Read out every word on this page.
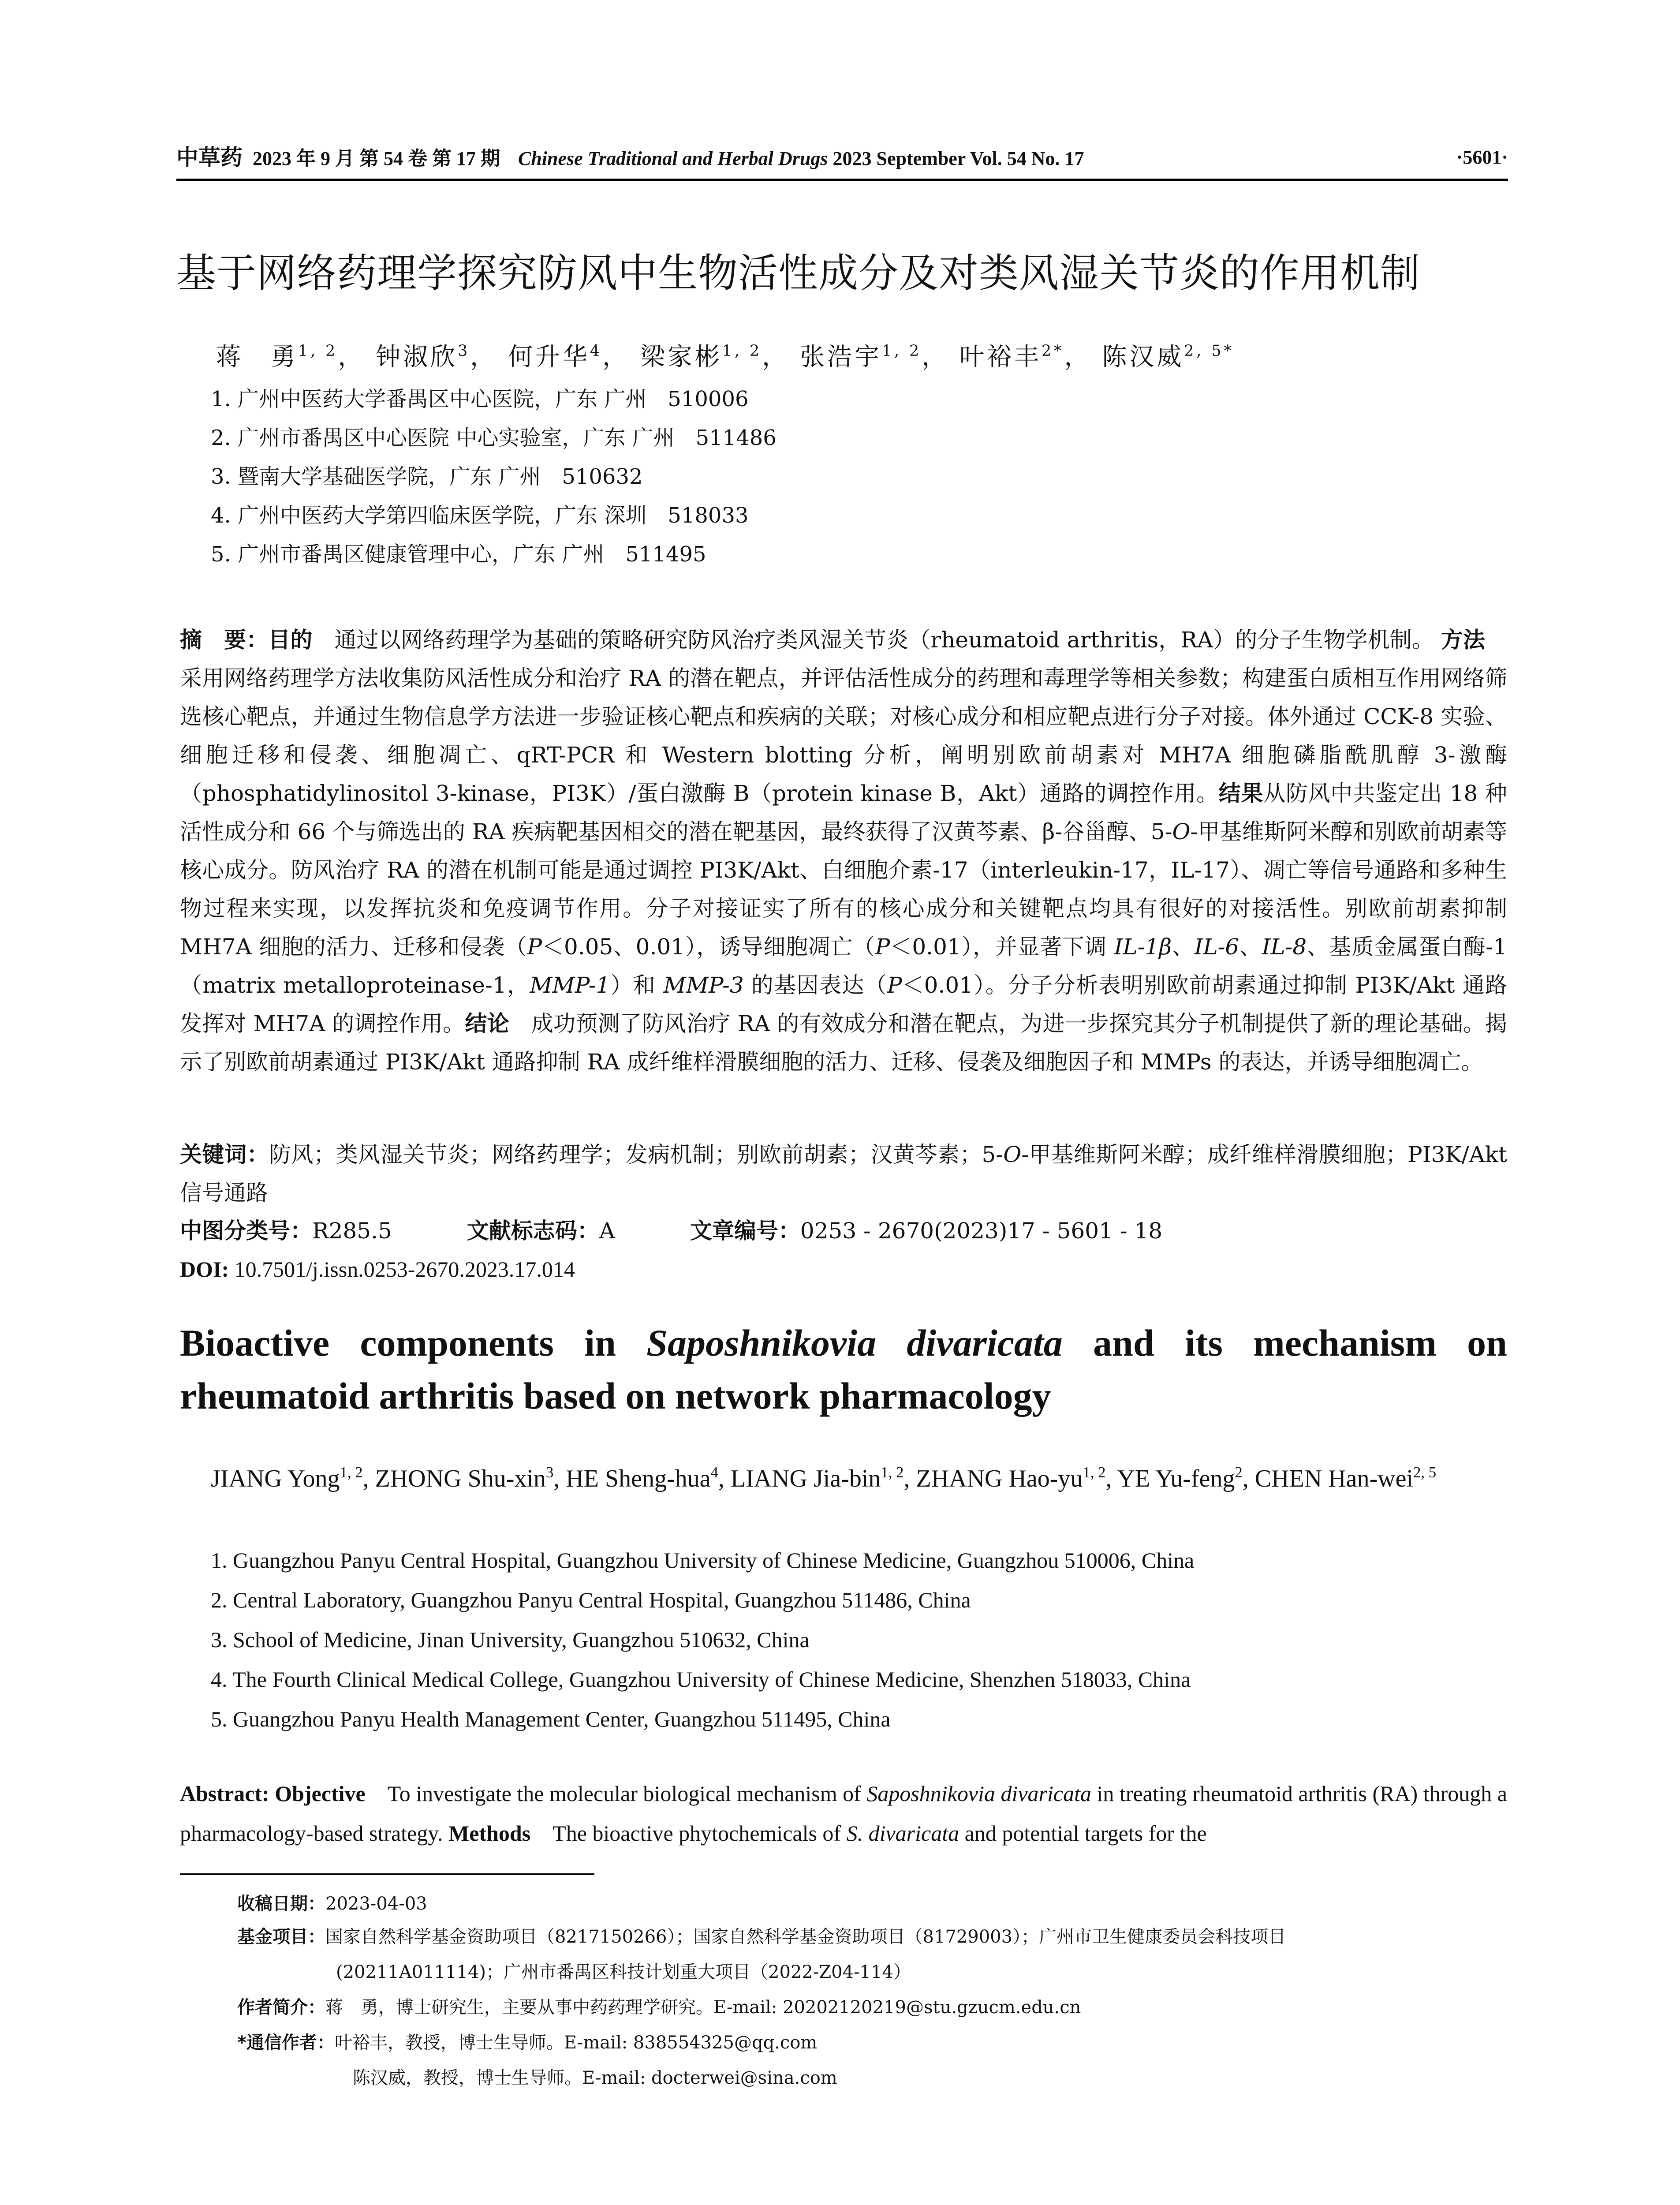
中草药 2023 年 9 月 第 54 卷 第 17 期 Chinese Traditional and Herbal Drugs 2023 September Vol. 54 No. 17	·5601·
基于网络药理学探究防风中生物活性成分及对类风湿关节炎的作用机制
蒋　勇$^{1, 2}$， 钟淑欣$^3$， 何升华$^4$， 梁家彬$^{1, 2}$， 张浩宇$^{1, 2}$， 叶裕丰$^{2*}$， 陈汉威$^{2, 5*}$
1. 广州中医药大学番禺区中心医院，广东 广州　510006
2. 广州市番禺区中心医院 中心实验室，广东 广州　511486
3. 暨南大学基础医学院，广东 广州　510632
4. 广州中医药大学第四临床医学院，广东 深圳　518033
5. 广州市番禺区健康管理中心，广东 广州　511495
摘　要：目的 通过以网络药理学为基础的策略研究防风治疗类风湿关节炎（rheumatoid arthritis，RA）的分子生物学机制。 方法采用网络药理学方法收集防风活性成分和治疗 RA 的潜在靶点，并评估活性成分的药理和毒理学等相关参数；构建蛋白质相互作用网络筛选核心靶点，并通过生物信息学方法进一步验证核心靶点和疾病的关联；对核心成分和相应靶点进行分子对接。体外通过 CCK-8 实验、细胞迁移和侵袭、细胞凋亡、qRT-PCR 和 Western blotting 分析，阐明别欧前胡素对 MH7A 细胞磷脂酰肌醇 3-激酶（phosphatidylinositol 3-kinase，PI3K）/蛋白激酶 B（protein kinase B，Akt）通路的调控作用。结果从防风中共鉴定出 18 种活性成分和 66 个与筛选出的 RA 疾病靶基因相交的潜在靶基因，最终获得了汉黄芩素、β-谷甾醇、5-O-甲基维斯阿米醇和别欧前胡素等核心成分。防风治疗 RA 的潜在机制可能是通过调控 PI3K/Akt、白细胞介素-17（interleukin-17，IL-17）、凋亡等信号通路和多种生物过程来实现，以发挥抗炎和免疫调节作用。分子对接证实了所有的核心成分和关键靶点均具有很好的对接活性。别欧前胡素抑制 MH7A 细胞的活力、迁移和侵袭（P＜0.05、0.01），诱导细胞凋亡（P＜0.01），并显著下调 IL-1β、IL-6、IL-8、基质金属蛋白酶-1（matrix metalloproteinase-1，MMP-1）和 MMP-3 的基因表达（P＜0.01）。分子分析表明别欧前胡素通过抑制 PI3K/Akt 通路发挥对 MH7A 的调控作用。结论 成功预测了防风治疗 RA 的有效成分和潜在靶点，为进一步探究其分子机制提供了新的理论基础。揭示了别欧前胡素通过 PI3K/Akt 通路抑制 RA 成纤维样滑膜细胞的活力、迁移、侵袭及细胞因子和 MMPs 的表达，并诱导细胞凋亡。
关键词：防风；类风湿关节炎；网络药理学；发病机制；别欧前胡素；汉黄芩素；5-O-甲基维斯阿米醇；成纤维样滑膜细胞；PI3K/Akt 信号通路
中图分类号：R285.5	文献标志码：A	文章编号：0253 - 2670(2023)17 - 5601 - 18
DOI: 10.7501/j.issn.0253-2670.2023.17.014
Bioactive components in Saposhnikovia divaricata and its mechanism on
rheumatoid arthritis based on network pharmacology
JIANG Yong$^{1, 2}$, ZHONG Shu-xin$^3$, HE Sheng-hua$^4$, LIANG Jia-bin$^{1, 2}$, ZHANG Hao-yu$^{1, 2}$, YE Yu-feng$^2$, CHEN Han-wei$^{2, 5}$
1. Guangzhou Panyu Central Hospital, Guangzhou University of Chinese Medicine, Guangzhou 510006, China
2. Central Laboratory, Guangzhou Panyu Central Hospital, Guangzhou 511486, China
3. School of Medicine, Jinan University, Guangzhou 510632, China
4. The Fourth Clinical Medical College, Guangzhou University of Chinese Medicine, Shenzhen 518033, China
5. Guangzhou Panyu Health Management Center, Guangzhou 511495, China
Abstract: Objective To investigate the molecular biological mechanism of Saposhnikovia divaricata in treating rheumatoid arthritis (RA) through a pharmacology-based strategy. Methods The bioactive phytochemicals of S. divaricata and potential targets for the
收稿日期：2023-04-03
基金项目：国家自然科学基金资助项目（8217150266）；国家自然科学基金资助项目（81729003）；广州市卫生健康委员会科技项目
(20211A011114)；广州市番禺区科技计划重大项目（2022-Z04-114）
作者简介：蒋　勇，博士研究生，主要从事中药药理学研究。E-mail: 20202120219@stu.gzucm.edu.cn
*通信作者：叶裕丰，教授，博士生导师。E-mail: 838554325@qq.com
陈汉威，教授，博士生导师。E-mail: docterwei@sina.com
